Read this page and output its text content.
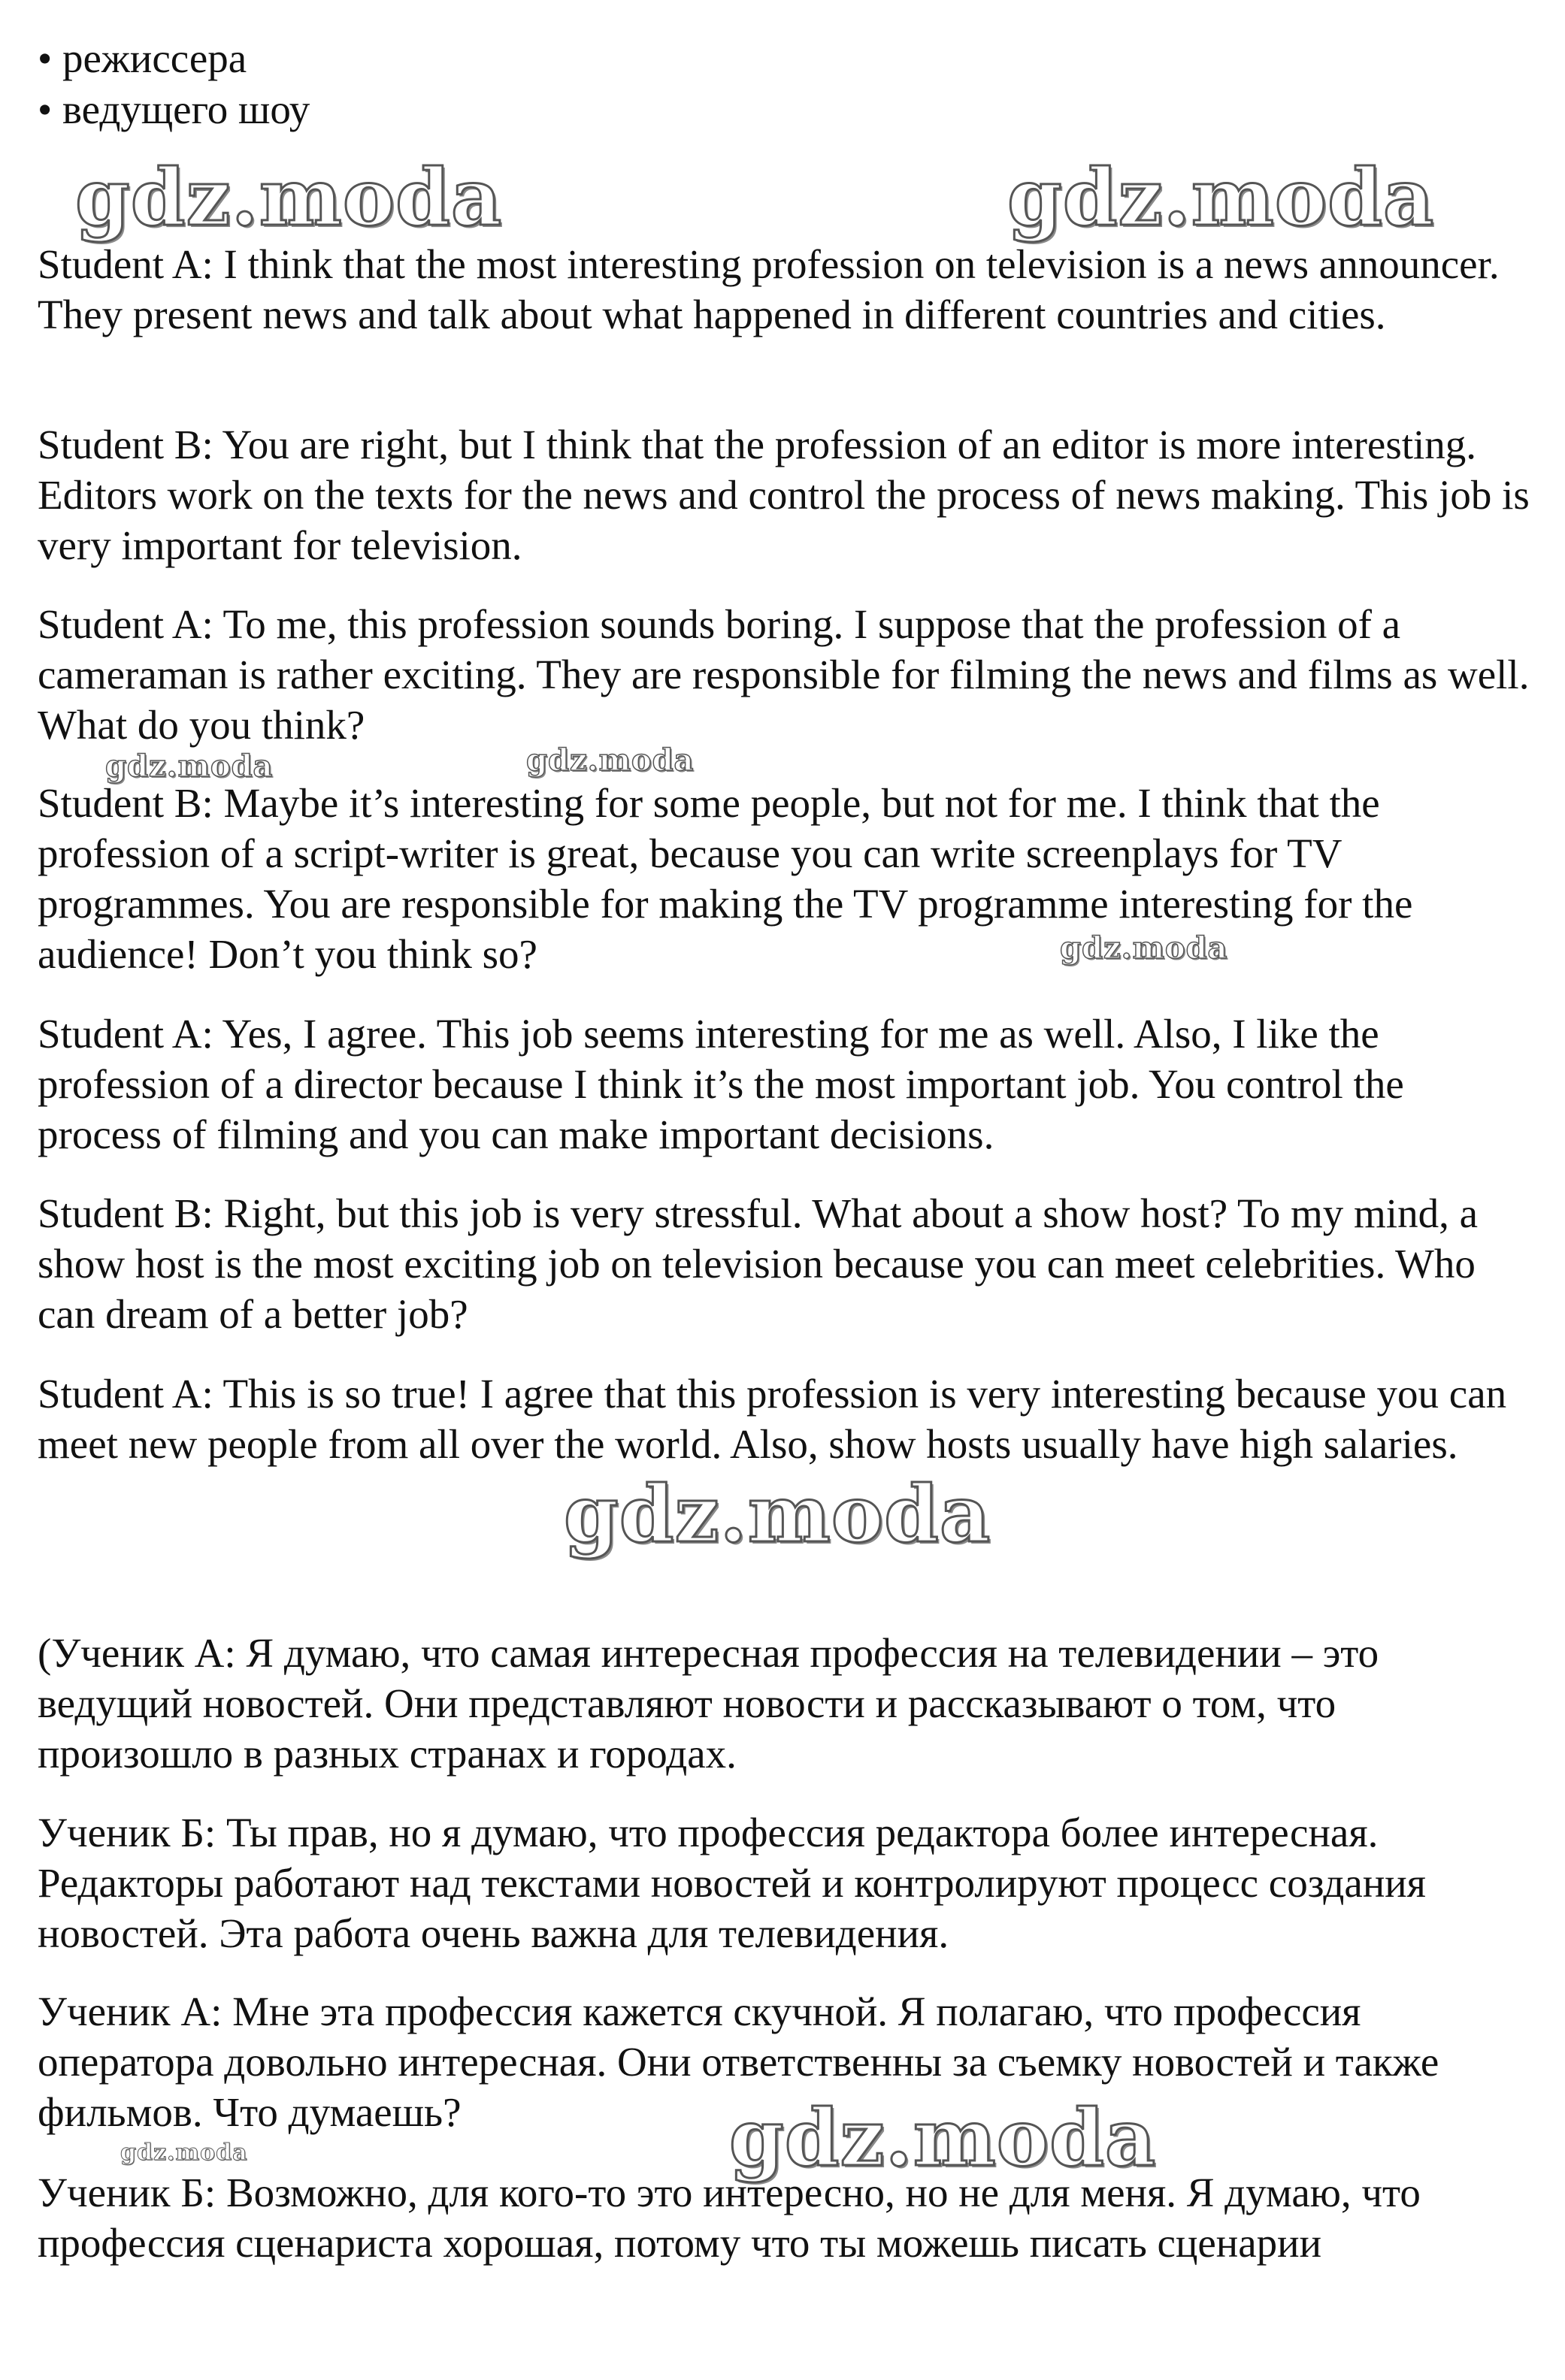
• режиссера
• ведущего шоу

Student A: I think that the most interesting profession on television is a news announcer. They present news and talk about what happened in different countries and cities.

Student B: You are right, but I think that the profession of an editor is more interesting. Editors work on the texts for the news and control the process of news making. This job is very important for television.

Student A: To me, this profession sounds boring. I suppose that the profession of a cameraman is rather exciting. They are responsible for filming the news and films as well. What do you think?

Student B: Maybe it’s interesting for some people, but not for me. I think that the profession of a script-writer is great, because you can write screenplays for TV programmes. You are responsible for making the TV programme interesting for the audience! Don’t you think so?

Student A: Yes, I agree. This job seems interesting for me as well. Also, I like the profession of a director because I think it’s the most important job. You control the process of filming and you can make important decisions.

Student B: Right, but this job is very stressful. What about a show host? To my mind, a show host is the most exciting job on television because you can meet celebrities. Who can dream of a better job?

Student A: This is so true! I agree that this profession is very interesting because you can meet new people from all over the world. Also, show hosts usually have high salaries.

(Ученик А: Я думаю, что самая интересная профессия на телевидении – это ведущий новостей. Они представляют новости и рассказывают о том, что произошло в разных странах и городах.

Ученик Б: Ты прав, но я думаю, что профессия редактора более интересная. Редакторы работают над текстами новостей и контролируют процесс создания новостей. Эта работа очень важна для телевидения.

Ученик А: Мне эта профессия кажется скучной. Я полагаю, что профессия оператора довольно интересная. Они ответственны за съемку новостей и также фильмов. Что думаешь?

Ученик Б: Возможно, для кого-то это интересно, но не для меня. Я думаю, что профессия сценариста хорошая, потому что ты можешь писать сценарии

gdz.moda	gdz.moda
gdz.moda	gdz.moda
gdz.moda
gdz.moda
gdz.moda
gdz.moda
